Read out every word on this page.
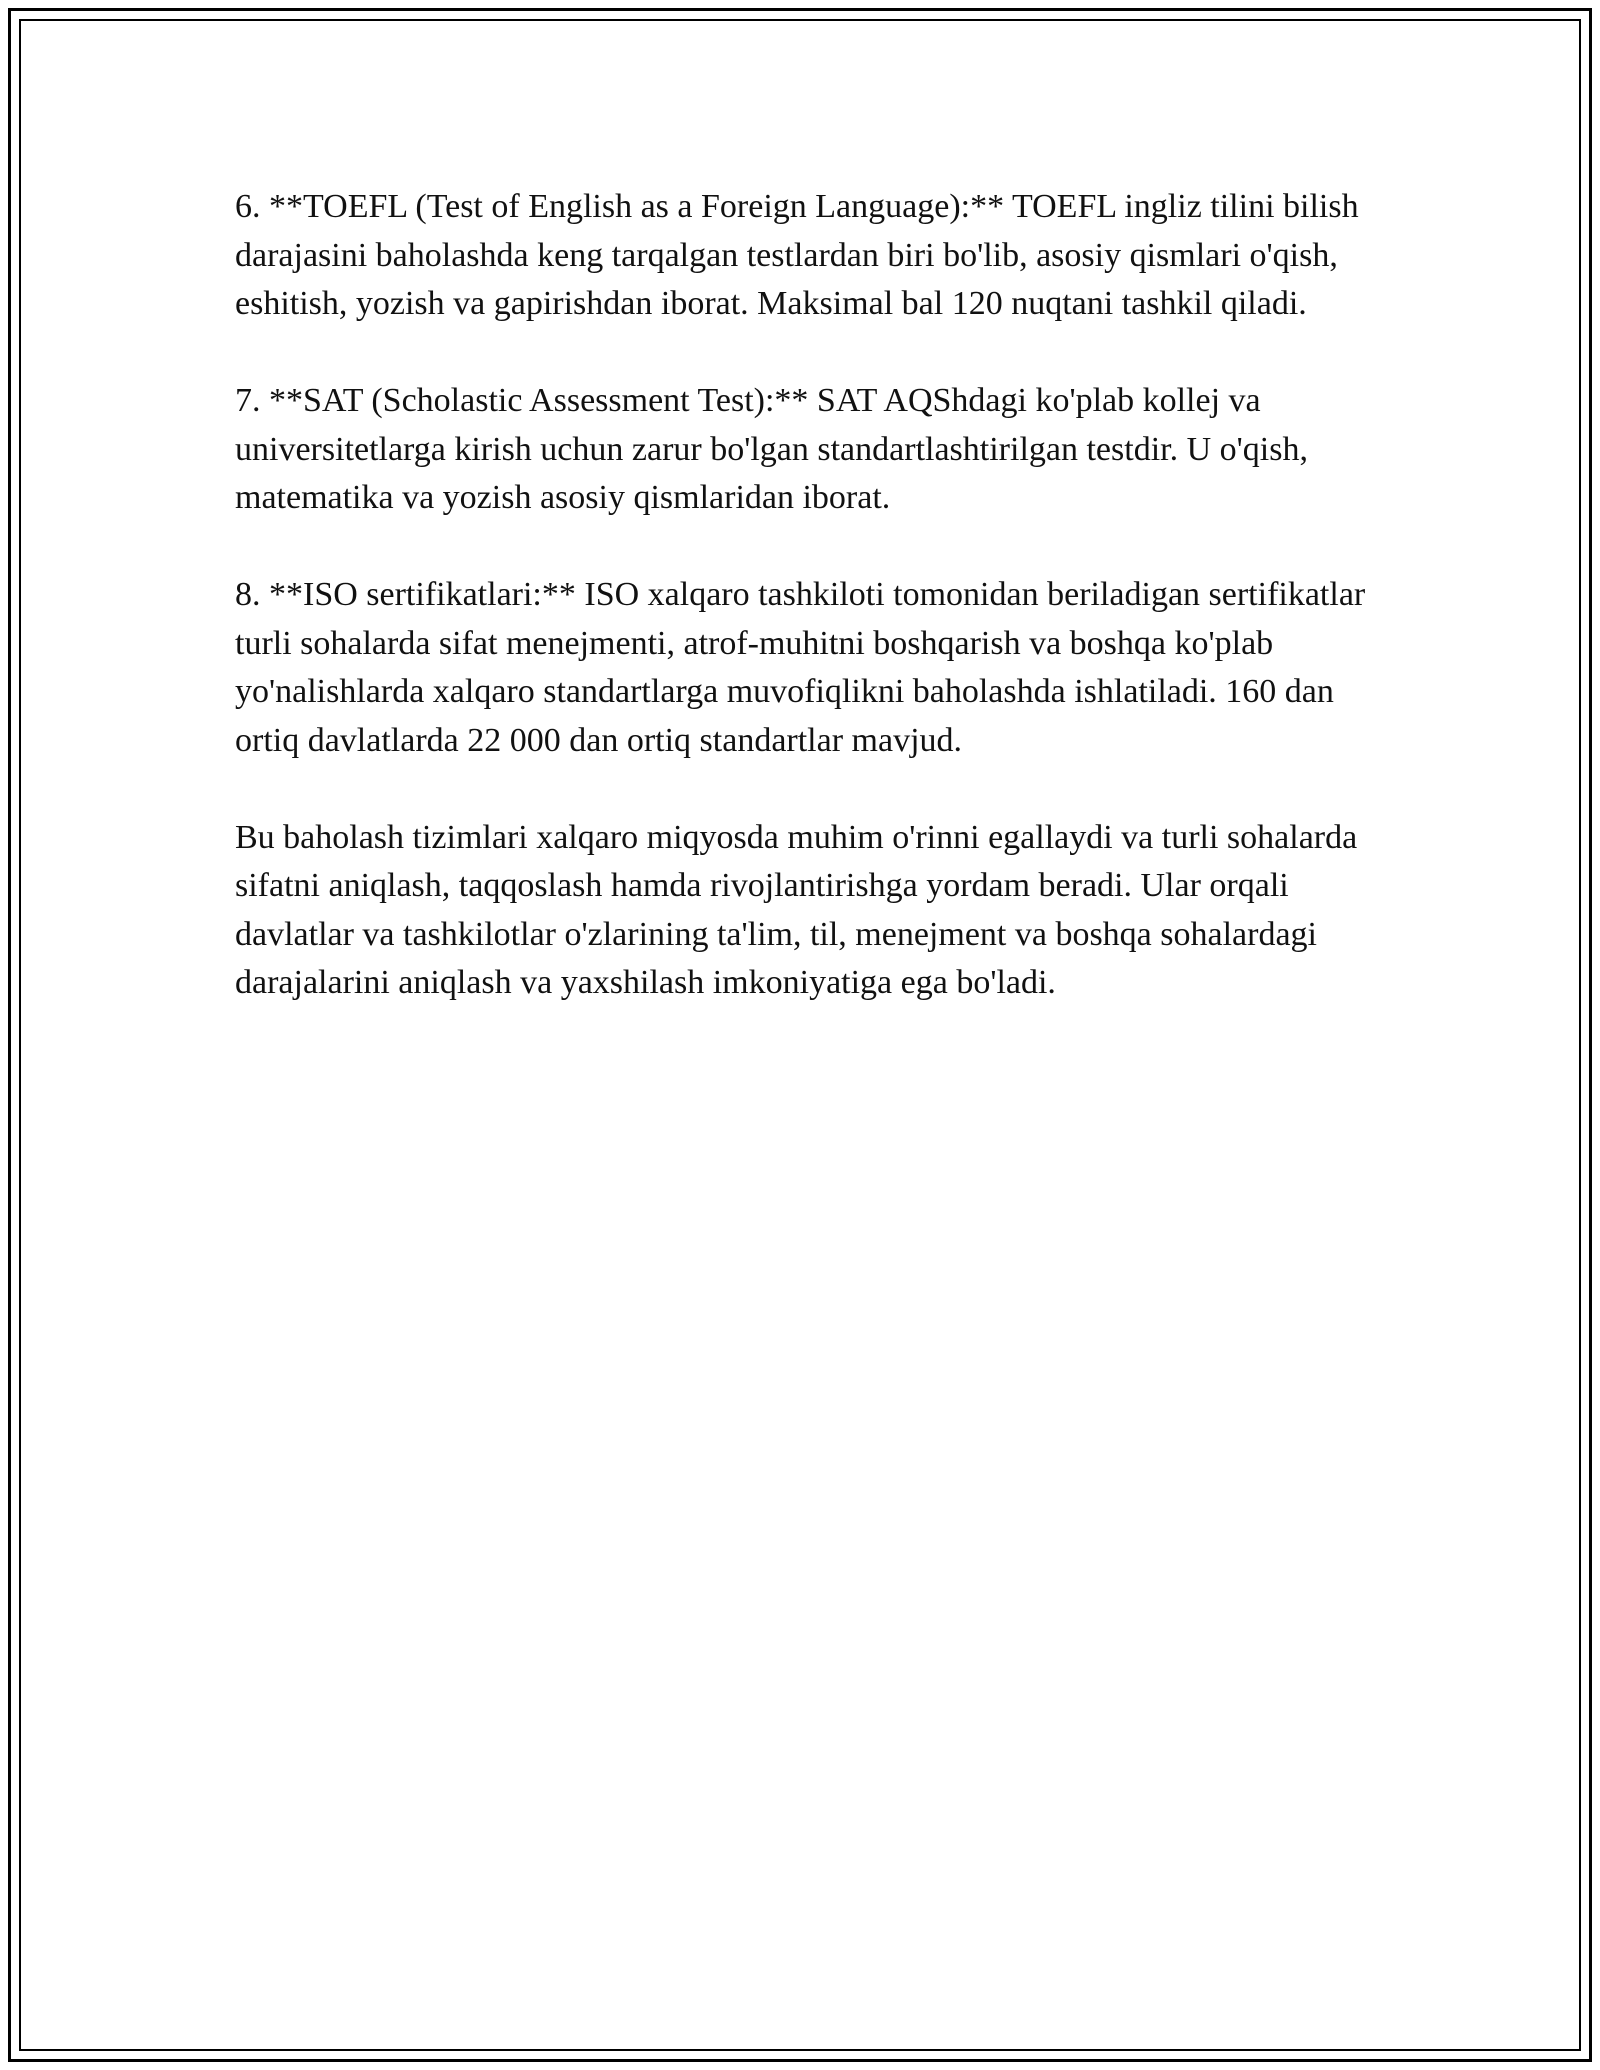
6. **TOEFL (Test of English as a Foreign Language):** TOEFL ingliz tilini bilish darajasini baholashda keng tarqalgan testlardan biri bo'lib, asosiy qismlari o'qish, eshitish, yozish va gapirishdan iborat. Maksimal bal 120 nuqtani tashkil qiladi.

7. **SAT (Scholastic Assessment Test):** SAT AQShdagi ko'plab kollej va universitetlarga kirish uchun zarur bo'lgan standartlashtirilgan testdir. U o'qish, matematika va yozish asosiy qismlaridan iborat.

8. **ISO sertifikatlari:** ISO xalqaro tashkiloti tomonidan beriladigan sertifikatlar turli sohalarda sifat menejmenti, atrof-muhitni boshqarish va boshqa ko'plab yo'nalishlarda xalqaro standartlarga muvofiqlikni baholashda ishlatiladi. 160 dan ortiq davlatlarda 22 000 dan ortiq standartlar mavjud.

Bu baholash tizimlari xalqaro miqyosda muhim o'rinni egallaydi va turli sohalarda sifatni aniqlash, taqqoslash hamda rivojlantirishga yordam beradi. Ular orqali davlatlar va tashkilotlar o'zlarining ta'lim, til, menejment va boshqa sohalardagi darajalarini aniqlash va yaxshilash imkoniyatiga ega bo'ladi.
